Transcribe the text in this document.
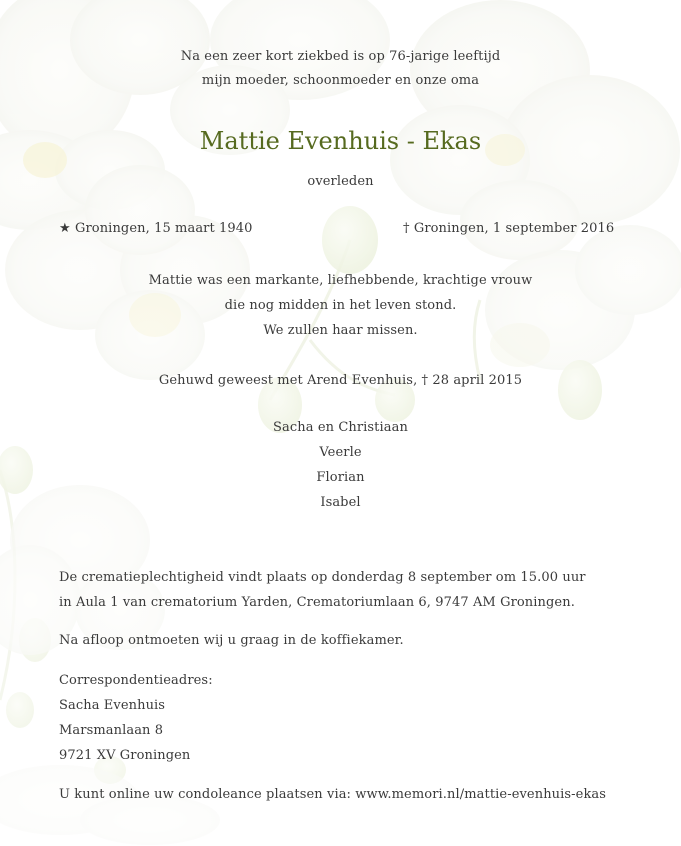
Na een zeer kort ziekbed is op 76-jarige leeftijd
mijn moeder, schoonmoeder en onze oma
Mattie Evenhuis - Ekas
overleden
★ Groningen, 15 maart 1940	† Groningen, 1 september 2016
Mattie was een markante, liefhebbende, krachtige vrouw
die nog midden in het leven stond.
We zullen haar missen.
Gehuwd geweest met Arend Evenhuis, † 28 april 2015
Sacha en Christiaan
Veerle
Florian
Isabel
De crematieplechtigheid vindt plaats op donderdag 8 september om 15.00 uur
in Aula 1 van crematorium Yarden, Crematoriumlaan 6, 9747 AM Groningen.
Na afloop ontmoeten wij u graag in de koffiekamer.
Correspondentieadres:
Sacha Evenhuis
Marsmanlaan 8
9721 XV Groningen
U kunt online uw condoleance plaatsen via: www.memori.nl/mattie-evenhuis-ekas
